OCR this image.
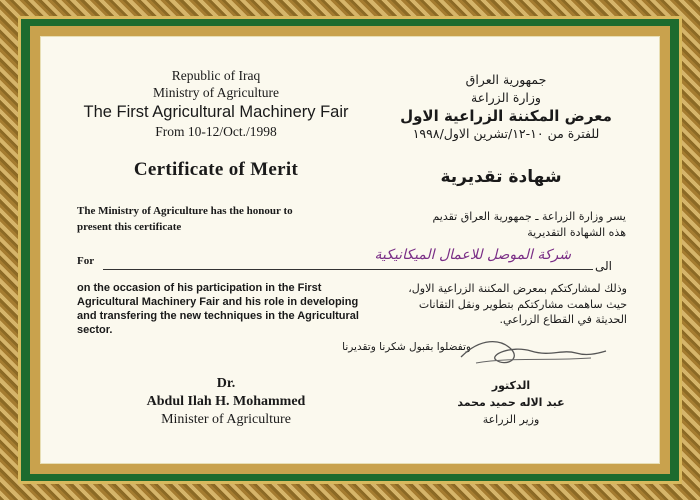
Republic of Iraq
Ministry of Agriculture
The First Agricultural Machinery Fair
From 10-12/Oct./1998
جمهورية العراق
وزارة الزراعة
معرض المكننة الزراعية الاول
للفترة من ١٠-١٢/تشرين الاول/١٩٩٨
Certificate of Merit	شهادة تقديرية
The Ministry of Agriculture has the honour to
present this certificate
يسر وزارة الزراعة ـ جمهورية العراق تقديم
هذه الشهادة التقديرية
For	شركة الموصل للاعمال الميكانيكية
الى
on the occasion of his participation in the First
Agricultural Machinery Fair and his role in developing
and transfering the new techniques in the Agricultural
sector.
وذلك لمشاركتكم بمعرض المكننة الزراعية الاول،
حيث ساهمت مشاركتكم بتطوير ونقل التقانات
الحديثة في القطاع الزراعي.
وتفضلوا بقبول شكرنا وتقديرنا
Dr.
Abdul Ilah H. Mohammed
Minister of Agriculture
الدكتور
عبد الاله حميد محمد
وزير الزراعة
